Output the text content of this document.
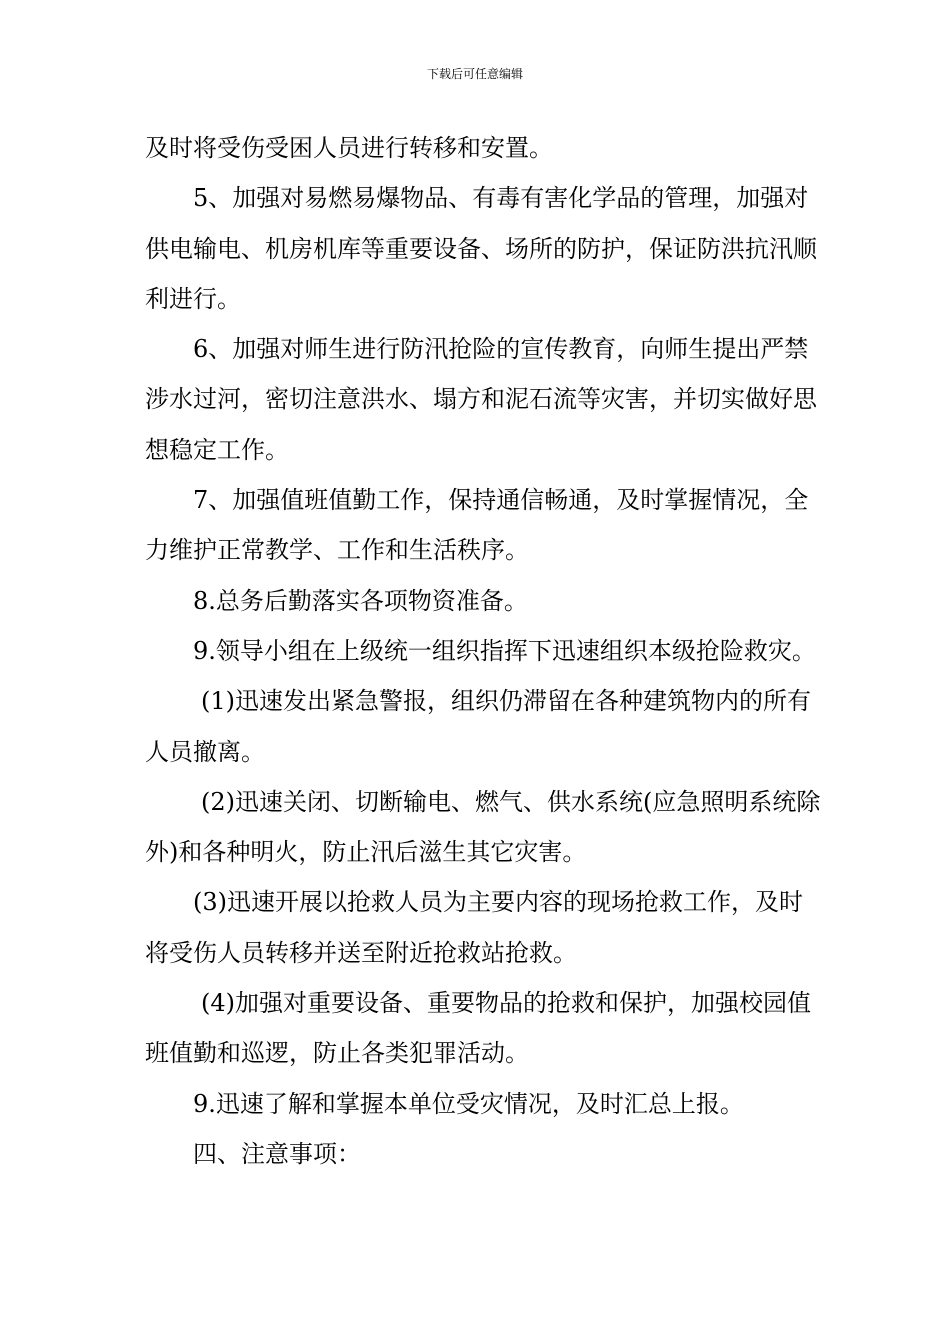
下载后可任意编辑

及时将受伤受困人员进行转移和安置。

5、加强对易燃易爆物品、有毒有害化学品的管理，加强对供电输电、机房机库等重要设备、场所的防护，保证防洪抗汛顺利进行。

6、加强对师生进行防汛抢险的宣传教育，向师生提出严禁涉水过河，密切注意洪水、塌方和泥石流等灾害，并切实做好思想稳定工作。

7、加强值班值勤工作，保持通信畅通，及时掌握情况，全力维护正常教学、工作和生活秩序。

8.总务后勤落实各项物资准备。

9.领导小组在上级统一组织指挥下迅速组织本级抢险救灾。

(1)迅速发出紧急警报，组织仍滞留在各种建筑物内的所有人员撤离。

(2)迅速关闭、切断输电、燃气、供水系统(应急照明系统除外)和各种明火，防止汛后滋生其它灾害。

(3)迅速开展以抢救人员为主要内容的现场抢救工作，及时将受伤人员转移并送至附近抢救站抢救。

(4)加强对重要设备、重要物品的抢救和保护，加强校园值班值勤和巡逻，防止各类犯罪活动。

9.迅速了解和掌握本单位受灾情况，及时汇总上报。

四、注意事项：
